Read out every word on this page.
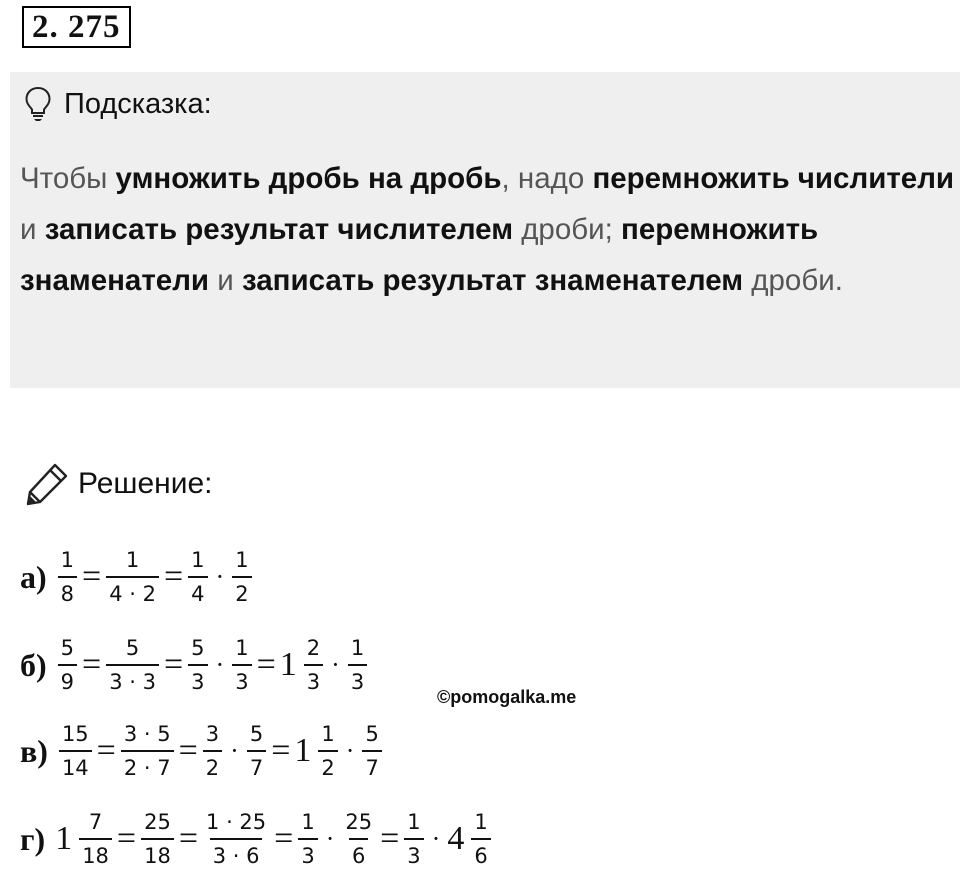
2. 275
Подсказка:
Чтобы умножить дробь на дробь, надо перемножить числители и записать результат числителем дроби; перемножить знаменатели и записать результат знаменателем дроби.
Решение:
$а) \frac{1}{8} = \frac{1}{4 \cdot 2} = \frac{1}{4} \cdot \frac{1}{2}$
$б) \frac{5}{9} = \frac{5}{3 \cdot 3} = \frac{5}{3} \cdot \frac{1}{3} = 1 \frac{2}{3} \cdot \frac{1}{3}$
$в) \frac{15}{14} = \frac{3 \cdot 5}{2 \cdot 7} = \frac{3}{2} \cdot \frac{5}{7} = 1 \frac{1}{2} \cdot \frac{5}{7}$
г) $1 \frac{7}{18} = \frac{25}{18} = \frac{1 \cdot 25}{3 \cdot 6} = \frac{1}{3} \cdot \frac{25}{6} = \frac{1}{3} \cdot 4 \frac{1}{6}$
©pomogalka.me
